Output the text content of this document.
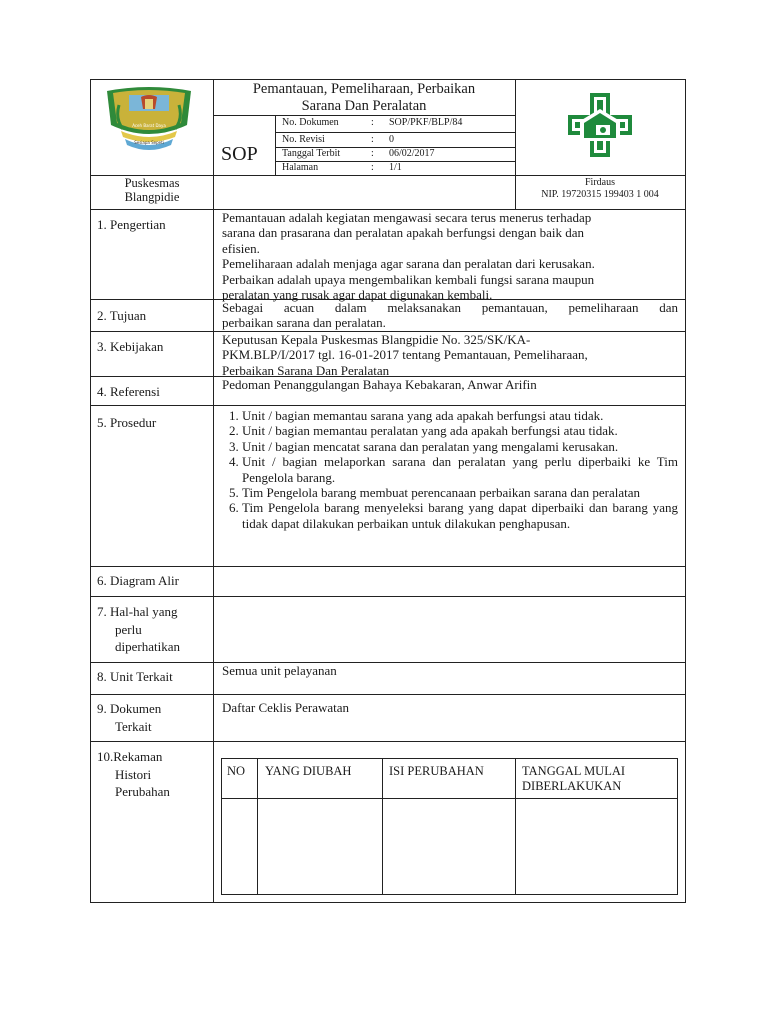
Aceh Barat Daya
Sesiapa Sepeti
Pemantauan, Pemeliharaan, Perbaikan
Sarana Dan Peralatan
SOP
No. Dokumen	: SOP/PKF/BLP/84
No. Revisi	: 0
Tanggal Terbit	: 06/02/2017
Halaman	: 1/1
Puskesmas
Blangpidie
Firdaus
NIP. 19720315 199403 1 004
1. Pengertian	Pemantauan adalah kegiatan mengawasi secara terus menerus terhadap
sarana dan prasarana dan peralatan apakah berfungsi dengan baik dan
efisien.
Pemeliharaan adalah menjaga agar sarana dan peralatan dari kerusakan.
Perbaikan adalah upaya mengembalikan kembali fungsi sarana maupun
peralatan yang rusak agar dapat digunakan kembali.
2. Tujuan
Sebagai acuan dalam melaksanakan pemantauan, pemeliharaan dan
perbaikan sarana dan peralatan.
3. Kebijakan	Keputusan Kepala Puskesmas Blangpidie No. 325/SK/KA-
PKM.BLP/I/2017 tgl. 16-01-2017 tentang Pemantauan, Pemeliharaan,
Perbaikan Sarana Dan Peralatan
4. Referensi	Pedoman Penanggulangan Bahaya Kebakaran, Anwar Arifin
5. Prosedur
1.	Unit / bagian memantau sarana yang ada apakah berfungsi atau tidak.
2. Unit / bagian memantau peralatan yang ada apakah berfungsi atau tidak.
3. Unit / bagian mencatat sarana dan peralatan yang mengalami kerusakan.
4. Unit / bagian melaporkan sarana dan peralatan yang perlu diperbaiki ke Tim Pengelola barang.
5. Tim Pengelola barang membuat perencanaan perbaikan sarana dan peralatan
6. Tim Pengelola barang menyeleksi barang yang dapat diperbaiki dan barang yang tidak dapat dilakukan perbaikan untuk dilakukan penghapusan.
6. Diagram Alir
7. Hal-hal yang
perlu
diperhatikan
8. Unit Terkait	Semua unit pelayanan
9. Dokumen
Terkait
Daftar Ceklis Perawatan
10.Rekaman
Histori
Perubahan
NO YANG DIUBAH	ISI PERUBAHAN	TANGGAL MULAI DIBERLAKUKAN
